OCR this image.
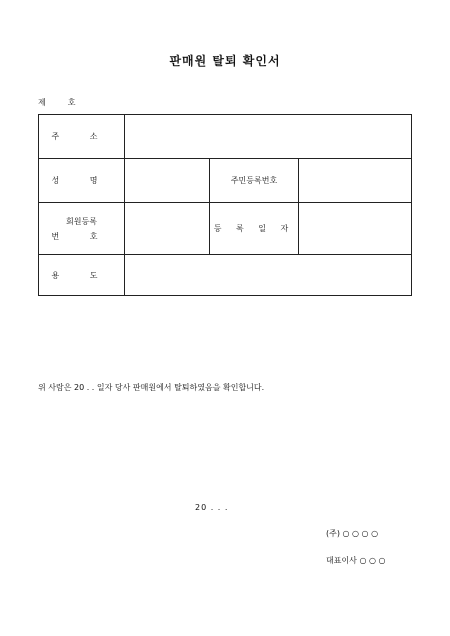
판매원 탈퇴 확인서
제	호
주 소			
성 명		주민등록번호	

회원등록
번 호		등 록 일 자	
용 도			
위 사람은 20 . . 일자 당사 판매원에서 탈퇴하였음을 확인합니다.
20 . . .
(주) ○ ○ ○ ○
대표이사 ○ ○ ○
